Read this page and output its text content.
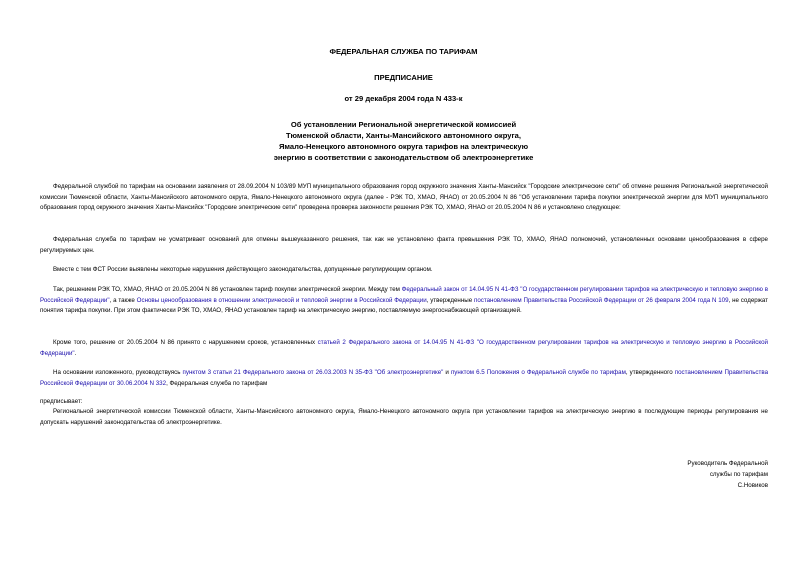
ФЕДЕРАЛЬНАЯ СЛУЖБА ПО ТАРИФАМ
ПРЕДПИСАНИЕ
от 29 декабря 2004 года N 433-к
Об установлении Региональной энергетической комиссией
Тюменской области, Ханты-Мансийского автономного округа,
Ямало-Ненецкого автономного округа тарифов на электрическую
энергию в соответствии с законодательством об электроэнергетике
Федеральной службой по тарифам на основании заявления от 28.09.2004 N 103/89 МУП муниципального образования город окружного значения Ханты-Мансийск "Городские электрические сети" об отмене решения Региональной энергетической комиссии Тюменской области, Ханты-Мансийского автономного округа, Ямало-Ненецкого автономного округа (далее - РЭК ТО, ХМАО, ЯНАО) от 20.05.2004 N 86 "Об установлении тарифа покупки электрической энергии для МУП муниципального образования город окружного значения Ханты-Мансийск "Городские электрические сети" проведена проверка законности решения РЭК ТО, ХМАО, ЯНАО от 20.05.2004 N 86 и установлено следующее:
Федеральная служба по тарифам не усматривает оснований для отмены вышеуказанного решения, так как не установлено факта превышения РЭК ТО, ХМАО, ЯНАО полномочий, установленных основами ценообразования в сфере регулируемых цен.
Вместе с тем ФСТ России выявлены некоторые нарушения действующего законодательства, допущенные регулирующим органом.
Так, решением РЭК ТО, ХМАО, ЯНАО от 20.05.2004 N 86 установлен тариф покупки электрической энергии. Между тем Федеральный закон от 14.04.95 N 41-ФЗ "О государственном регулировании тарифов на электрическую и тепловую энергию в Российской Федерации", а также Основы ценообразования в отношении электрической и тепловой энергии в Российской Федерации, утвержденные постановлением Правительства Российской Федерации от 26 февраля 2004 года N 109, не содержат понятия тарифа покупки. При этом фактически РЭК ТО, ХМАО, ЯНАО установлен тариф на электрическую энергию, поставляемую энергоснабжающей организацией.
Кроме того, решение от 20.05.2004 N 86 принято с нарушением сроков, установленных статьей 2 Федерального закона от 14.04.95 N 41-ФЗ "О государственном регулировании тарифов на электрическую и тепловую энергию в Российской Федерации".
На основании изложенного, руководствуясь пунктом 3 статьи 21 Федерального закона от 26.03.2003 N 35-ФЗ "Об электроэнергетике" и пунктом 6.5 Положения о Федеральной службе по тарифам, утвержденного постановлением Правительства Российской Федерации от 30.06.2004 N 332, Федеральная служба по тарифам
предписывает:
Региональной энергетической комиссии Тюменской области, Ханты-Мансийского автономного округа, Ямало-Ненецкого автономного округа при установлении тарифов на электрическую энергию в последующие периоды регулирования не допускать нарушений законодательства об электроэнергетике.
Руководитель Федеральной
службы по тарифам
С.Новиков
